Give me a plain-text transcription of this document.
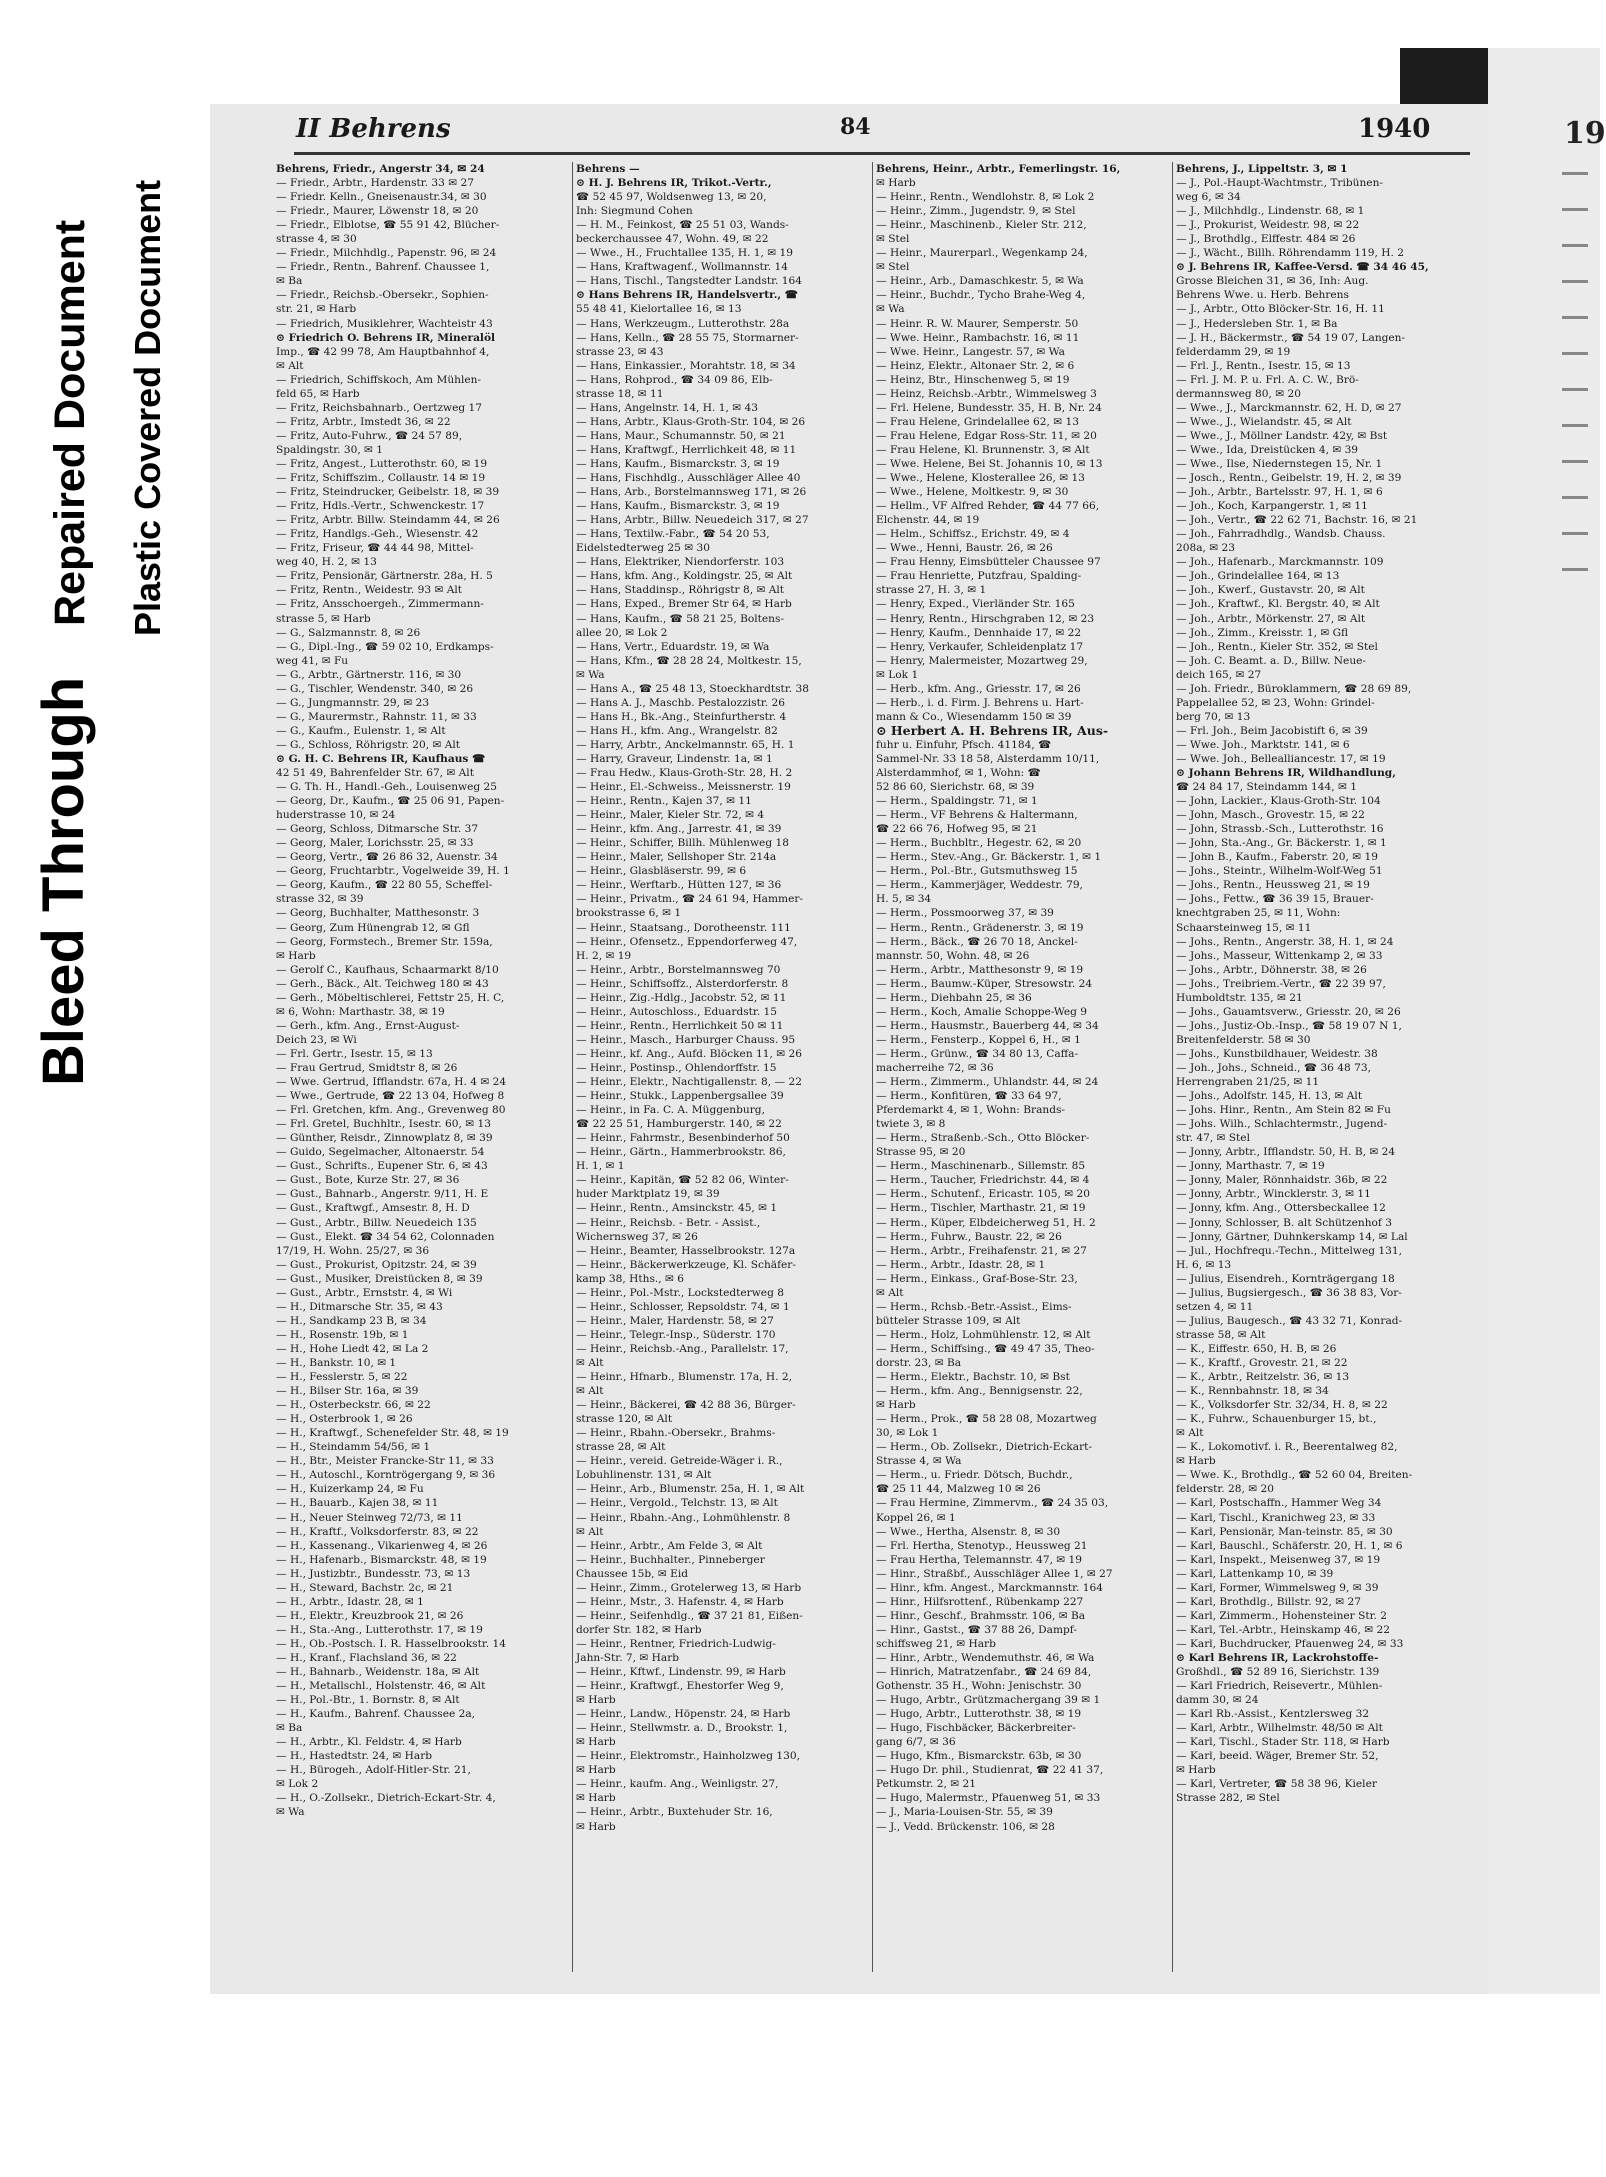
19
Bleed Through
Repaired Document Plastic Covered Document
II Behrens	84	1940
Behrens, Friedr., Angerstr 34, ✉ 24
— Friedr., Arbtr., Hardenstr. 33 ✉ 27
— Friedr. Kelln., Gneisenaustr.34, ✉ 30
— Friedr., Maurer, Löwenstr 18, ✉ 20
— Friedr., Elblotse, ☎ 55 91 42, Blücher-
strasse 4, ✉ 30
— Friedr., Milchhdlg., Papenstr. 96, ✉ 24
— Friedr., Rentn., Bahrenf. Chaussee 1,
✉ Ba
— Friedr., Reichsb.-Obersekr., Sophien-
str. 21, ✉ Harb
— Friedrich, Musiklehrer, Wachteistr 43
⊙ Friedrich O. Behrens IR, Mineralöl
Imp., ☎ 42 99 78, Am Hauptbahnhof 4,
✉ Alt
— Friedrich, Schiffskoch, Am Mühlen-
feld 65, ✉ Harb
— Fritz, Reichsbahnarb., Oertzweg 17
— Fritz, Arbtr., Imstedt 36, ✉ 22
— Fritz, Auto-Fuhrw., ☎ 24 57 89,
Spaldingstr. 30, ✉ 1
— Fritz, Angest., Lutterothstr. 60, ✉ 19
— Fritz, Schiffszim., Collaustr. 14 ✉ 19
— Fritz, Steindrucker, Geibelstr. 18, ✉ 39
— Fritz, Hdls.-Vertr., Schwenckestr. 17
— Fritz, Arbtr. Billw. Steindamm 44, ✉ 26
— Fritz, Handlgs.-Geh., Wiesenstr. 42
— Fritz, Friseur, ☎ 44 44 98, Mittel-
weg 40, H. 2, ✉ 13
— Fritz, Pensionär, Gärtnerstr. 28a, H. 5
— Fritz, Rentn., Weidestr. 93 ✉ Alt
— Fritz, Ansschoergeh., Zimmermann-
strasse 5, ✉ Harb
— G., Salzmannstr. 8, ✉ 26
— G., Dipl.-Ing., ☎ 59 02 10, Erdkamps-
weg 41, ✉ Fu
— G., Arbtr., Gärtnerstr. 116, ✉ 30
— G., Tischler, Wendenstr. 340, ✉ 26
— G., Jungmannstr. 29, ✉ 23
— G., Maurermstr., Rahnstr. 11, ✉ 33
— G., Kaufm., Eulenstr. 1, ✉ Alt
— G., Schloss, Röhrigstr. 20, ✉ Alt
⊙ G. H. C. Behrens IR, Kaufhaus ☎
42 51 49, Bahrenfelder Str. 67, ✉ Alt
— G. Th. H., Handl.-Geh., Louisenweg 25
— Georg, Dr., Kaufm., ☎ 25 06 91, Papen-
huderstrasse 10, ✉ 24
— Georg, Schloss, Ditmarsche Str. 37
— Georg, Maler, Lorichsstr. 25, ✉ 33
— Georg, Vertr., ☎ 26 86 32, Auenstr. 34
— Georg, Fruchtarbtr., Vogelweide 39, H. 1
— Georg, Kaufm., ☎ 22 80 55, Scheffel-
strasse 32, ✉ 39
— Georg, Buchhalter, Matthesonstr. 3
— Georg, Zum Hünengrab 12, ✉ Gfl
— Georg, Formstech., Bremer Str. 159a,
✉ Harb
— Gerolf C., Kaufhaus, Schaarmarkt 8/10
— Gerh., Bäck., Alt. Teichweg 180 ✉ 43
— Gerh., Möbeltischlerei, Fettstr 25, H. C,
✉ 6, Wohn: Marthastr. 38, ✉ 19
— Gerh., kfm. Ang., Ernst-August-
Deich 23, ✉ Wi
— Frl. Gertr., Isestr. 15, ✉ 13
— Frau Gertrud, Smidtstr 8, ✉ 26
— Wwe. Gertrud, Ifflandstr. 67a, H. 4 ✉ 24
— Wwe., Gertrude, ☎ 22 13 04, Hofweg 8
— Frl. Gretchen, kfm. Ang., Grevenweg 80
— Frl. Gretel, Buchhltr., Isestr. 60, ✉ 13
— Günther, Reisdr., Zinnowplatz 8, ✉ 39
— Guido, Segelmacher, Altonaerstr. 54
— Gust., Schrifts., Eupener Str. 6, ✉ 43
— Gust., Bote, Kurze Str. 27, ✉ 36
— Gust., Bahnarb., Angerstr. 9/11, H. E
— Gust., Kraftwgf., Amsestr. 8, H. D
— Gust., Arbtr., Billw. Neuedeich 135
— Gust., Elekt. ☎ 34 54 62, Colonnaden
17/19, H. Wohn. 25/27, ✉ 36
— Gust., Prokurist, Opitzstr. 24, ✉ 39
— Gust., Musiker, Dreistücken 8, ✉ 39
— Gust., Arbtr., Ernststr. 4, ✉ Wi
— H., Ditmarsche Str. 35, ✉ 43
— H., Sandkamp 23 B, ✉ 34
— H., Rosenstr. 19b, ✉ 1
— H., Hohe Liedt 42, ✉ La 2
— H., Bankstr. 10, ✉ 1
— H., Fesslerstr. 5, ✉ 22
— H., Bilser Str. 16a, ✉ 39
— H., Osterbeckstr. 66, ✉ 22
— H., Osterbrook 1, ✉ 26
— H., Kraftwgf., Schenefelder Str. 48, ✉ 19
— H., Steindamm 54/56, ✉ 1
— H., Btr., Meister Francke-Str 11, ✉ 33
— H., Autoschl., Korntrögergang 9, ✉ 36
— H., Kuizerkamp 24, ✉ Fu
— H., Bauarb., Kajen 38, ✉ 11
— H., Neuer Steinweg 72/73, ✉ 11
— H., Kraftf., Volksdorferstr. 83, ✉ 22
— H., Kassenang., Vikarienweg 4, ✉ 26
— H., Hafenarb., Bismarckstr. 48, ✉ 19
— H., Justizbtr., Bundesstr. 73, ✉ 13
— H., Steward, Bachstr. 2c, ✉ 21
— H., Arbtr., Idastr. 28, ✉ 1
— H., Elektr., Kreuzbrook 21, ✉ 26
— H., Sta.-Ang., Lutterothstr. 17, ✉ 19
— H., Ob.-Postsch. I. R. Hasselbrookstr. 14
— H., Kranf., Flachsland 36, ✉ 22
— H., Bahnarb., Weidenstr. 18a, ✉ Alt
— H., Metallschl., Holstenstr. 46, ✉ Alt
— H., Pol.-Btr., 1. Bornstr. 8, ✉ Alt
— H., Kaufm., Bahrenf. Chaussee 2a,
✉ Ba
— H., Arbtr., Kl. Feldstr. 4, ✉ Harb
— H., Hastedtstr. 24, ✉ Harb
— H., Bürogeh., Adolf-Hitler-Str. 21,
✉ Lok 2
— H., O.-Zollsekr., Dietrich-Eckart-Str. 4,
✉ Wa
Behrens —
⊙ H. J. Behrens IR, Trikot.-Vertr.,
☎ 52 45 97, Woldsenweg 13, ✉ 20,
Inh: Siegmund Cohen
— H. M., Feinkost, ☎ 25 51 03, Wands-
beckerchaussee 47, Wohn. 49, ✉ 22
— Wwe., H., Fruchtallee 135, H. 1, ✉ 19
— Hans, Kraftwagenf., Wollmannstr. 14
— Hans, Tischl., Tangstedter Landstr. 164
⊙ Hans Behrens IR, Handelsvertr., ☎
55 48 41, Kielortallee 16, ✉ 13
— Hans, Werkzeugm., Lutterothstr. 28a
— Hans, Kelln., ☎ 28 55 75, Stormarner-
strasse 23, ✉ 43
— Hans, Einkassier., Morahtstr. 18, ✉ 34
— Hans, Rohprod., ☎ 34 09 86, Elb-
strasse 18, ✉ 11
— Hans, Angelnstr. 14, H. 1, ✉ 43
— Hans, Arbtr., Klaus-Groth-Str. 104, ✉ 26
— Hans, Maur., Schumannstr. 50, ✉ 21
— Hans, Kraftwgf., Herrlichkeit 48, ✉ 11
— Hans, Kaufm., Bismarckstr. 3, ✉ 19
— Hans, Fischhdlg., Ausschläger Allee 40
— Hans, Arb., Borstelmannsweg 171, ✉ 26
— Hans, Kaufm., Bismarckstr. 3, ✉ 19
— Hans, Arbtr., Billw. Neuedeich 317, ✉ 27
— Hans, Textilw.-Fabr., ☎ 54 20 53,
Eidelstedterweg 25 ✉ 30
— Hans, Elektriker, Niendorferstr. 103
— Hans, kfm. Ang., Koldingstr. 25, ✉ Alt
— Hans, Staddinsp., Röhrigstr 8, ✉ Alt
— Hans, Exped., Bremer Str 64, ✉ Harb
— Hans, Kaufm., ☎ 58 21 25, Boltens-
allee 20, ✉ Lok 2
— Hans, Vertr., Eduardstr. 19, ✉ Wa
— Hans, Kfm., ☎ 28 28 24, Moltkestr. 15,
✉ Wa
— Hans A., ☎ 25 48 13, Stoeckhardtstr. 38
— Hans A. J., Maschb. Pestalozzistr. 26
— Hans H., Bk.-Ang., Steinfurtherstr. 4
— Hans H., kfm. Ang., Wrangelstr. 82
— Harry, Arbtr., Anckelmannstr. 65, H. 1
— Harry, Graveur, Lindenstr. 1a, ✉ 1
— Frau Hedw., Klaus-Groth-Str. 28, H. 2
— Heinr., El.-Schweiss., Meissnerstr. 19
— Heinr., Rentn., Kajen 37, ✉ 11
— Heinr., Maler, Kieler Str. 72, ✉ 4
— Heinr., kfm. Ang., Jarrestr. 41, ✉ 39
— Heinr., Schiffer, Billh. Mühlenweg 18
— Heinr., Maler, Sellshoper Str. 214a
— Heinr., Glasbläserstr. 99, ✉ 6
— Heinr., Werftarb., Hütten 127, ✉ 36
— Heinr., Privatm., ☎ 24 61 94, Hammer-
brookstrasse 6, ✉ 1
— Heinr., Staatsang., Dorotheenstr. 111
— Heinr., Ofensetz., Eppendorferweg 47,
H. 2, ✉ 19
— Heinr., Arbtr., Borstelmannsweg 70
— Heinr., Schiffsoffz., Alsterdorferstr. 8
— Heinr., Zig.-Hdlg., Jacobstr. 52, ✉ 11
— Heinr., Autoschloss., Eduardstr. 15
— Heinr., Rentn., Herrlichkeit 50 ✉ 11
— Heinr., Masch., Harburger Chauss. 95
— Heinr., kf. Ang., Aufd. Blöcken 11, ✉ 26
— Heinr., Postinsp., Ohlendorffstr. 15
— Heinr., Elektr., Nachtigallenstr. 8, — 22
— Heinr., Stukk., Lappenbergsallee 39
— Heinr., in Fa. C. A. Müggenburg,
☎ 22 25 51, Hamburgerstr. 140, ✉ 22
— Heinr., Fahrmstr., Besenbinderhof 50
— Heinr., Gärtn., Hammerbrookstr. 86,
H. 1, ✉ 1
— Heinr., Kapitän, ☎ 52 82 06, Winter-
huder Marktplatz 19, ✉ 39
— Heinr., Rentn., Amsinckstr. 45, ✉ 1
— Heinr., Reichsb. - Betr. - Assist.,
Wichernsweg 37, ✉ 26
— Heinr., Beamter, Hasselbrookstr. 127a
— Heinr., Bäckerwerkzeuge, Kl. Schäfer-
kamp 38, Hths., ✉ 6
— Heinr., Pol.-Mstr., Lockstedterweg 8
— Heinr., Schlosser, Repsoldstr. 74, ✉ 1
— Heinr., Maler, Hardenstr. 58, ✉ 27
— Heinr., Telegr.-Insp., Süderstr. 170
— Heinr., Reichsb.-Ang., Parallelstr. 17,
✉ Alt
— Heinr., Hfnarb., Blumenstr. 17a, H. 2,
✉ Alt
— Heinr., Bäckerei, ☎ 42 88 36, Bürger-
strasse 120, ✉ Alt
— Heinr., Rbahn.-Obersekr., Brahms-
strasse 28, ✉ Alt
— Heinr., vereid. Getreide-Wäger i. R.,
Lobuhlinenstr. 131, ✉ Alt
— Heinr., Arb., Blumenstr. 25a, H. 1, ✉ Alt
— Heinr., Vergold., Telchstr. 13, ✉ Alt
— Heinr., Rbahn.-Ang., Lohmühlenstr. 8
✉ Alt
— Heinr., Arbtr., Am Felde 3, ✉ Alt
— Heinr., Buchhalter., Pinneberger
Chaussee 15b, ✉ Eid
— Heinr., Zimm., Grotelerweg 13, ✉ Harb
— Heinr., Mstr., 3. Hafenstr. 4, ✉ Harb
— Heinr., Seifenhdlg., ☎ 37 21 81, Eißen-
dorfer Str. 182, ✉ Harb
— Heinr., Rentner, Friedrich-Ludwig-
Jahn-Str. 7, ✉ Harb
— Heinr., Kftwf., Lindenstr. 99, ✉ Harb
— Heinr., Kraftwgf., Ehestorfer Weg 9,
✉ Harb
— Heinr., Landw., Höpenstr. 24, ✉ Harb
— Heinr., Stellwmstr. a. D., Brookstr. 1,
✉ Harb
— Heinr., Elektromstr., Hainholzweg 130,
✉ Harb
— Heinr., kaufm. Ang., Weinligstr. 27,
✉ Harb
— Heinr., Arbtr., Buxtehuder Str. 16,
✉ Harb
Behrens, Heinr., Arbtr., Femerlingstr. 16,
✉ Harb
— Heinr., Rentn., Wendlohstr. 8, ✉ Lok 2
— Heinr., Zimm., Jugendstr. 9, ✉ Stel
— Heinr., Maschinenb., Kieler Str. 212,
✉ Stel
— Heinr., Maurerparl., Wegenkamp 24,
✉ Stel
— Heinr., Arb., Damaschkestr. 5, ✉ Wa
— Heinr., Buchdr., Tycho Brahe-Weg 4,
✉ Wa
— Heinr. R. W. Maurer, Semperstr. 50
— Wwe. Heinr., Rambachstr. 16, ✉ 11
— Wwe. Heinr., Langestr. 57, ✉ Wa
— Heinz, Elektr., Altonaer Str. 2, ✉ 6
— Heinz, Btr., Hinschenweg 5, ✉ 19
— Heinz, Reichsb.-Arbtr., Wimmelsweg 3
— Frl. Helene, Bundesstr. 35, H. B, Nr. 24
— Frau Helene, Grindelallee 62, ✉ 13
— Frau Helene, Edgar Ross-Str. 11, ✉ 20
— Frau Helene, Kl. Brunnenstr. 3, ✉ Alt
— Wwe. Helene, Bei St. Johannis 10, ✉ 13
— Wwe., Helene, Klosterallee 26, ✉ 13
— Wwe., Helene, Moltkestr. 9, ✉ 30
— Hellm., VF Alfred Rehder, ☎ 44 77 66,
Elchenstr. 44, ✉ 19
— Helm., Schiffsz., Erichstr. 49, ✉ 4
— Wwe., Henni, Baustr. 26, ✉ 26
— Frau Henny, Eimsbütteler Chaussee 97
— Frau Henriette, Putzfrau, Spalding-
strasse 27, H. 3, ✉ 1
— Henry, Exped., Vierländer Str. 165
— Henry, Rentn., Hirschgraben 12, ✉ 23
— Henry, Kaufm., Dennhaide 17, ✉ 22
— Henry, Verkaufer, Schleidenplatz 17
— Henry, Malermeister, Mozartweg 29,
✉ Lok 1
— Herb., kfm. Ang., Griesstr. 17, ✉ 26
— Herb., i. d. Firm. J. Behrens u. Hart-
mann & Co., Wiesendamm 150 ✉ 39
⊙ Herbert A. H. Behrens IR, Aus-
fuhr u. Einfuhr, Pfsch. 41184, ☎
Sammel-Nr. 33 18 58, Alsterdamm 10/11,
Alsterdammhof, ✉ 1, Wohn: ☎
52 86 60, Sierichstr. 68, ✉ 39
— Herm., Spaldingstr. 71, ✉ 1
— Herm., VF Behrens & Haltermann,
☎ 22 66 76, Hofweg 95, ✉ 21
— Herm., Buchbltr., Hegestr. 62, ✉ 20
— Herm., Stev.-Ang., Gr. Bäckerstr. 1, ✉ 1
— Herm., Pol.-Btr., Gutsmuthsweg 15
— Herm., Kammerjäger, Weddestr. 79,
H. 5, ✉ 34
— Herm., Possmoorweg 37, ✉ 39
— Herm., Rentn., Grädenerstr. 3, ✉ 19
— Herm., Bäck., ☎ 26 70 18, Anckel-
mannstr. 50, Wohn. 48, ✉ 26
— Herm., Arbtr., Matthesonstr 9, ✉ 19
— Herm., Baumw.-Küper, Stresowstr. 24
— Herm., Diehbahn 25, ✉ 36
— Herm., Koch, Amalie Schoppe-Weg 9
— Herm., Hausmstr., Bauerberg 44, ✉ 34
— Herm., Fensterp., Koppel 6, H., ✉ 1
— Herm., Grünw., ☎ 34 80 13, Caffa-
macherreihe 72, ✉ 36
— Herm., Zimmerm., Uhlandstr. 44, ✉ 24
— Herm., Konfitüren, ☎ 33 64 97,
Pferdemarkt 4, ✉ 1, Wohn: Brands-
twiete 3, ✉ 8
— Herm., Straßenb.-Sch., Otto Blöcker-
Strasse 95, ✉ 20
— Herm., Maschinenarb., Sillemstr. 85
— Herm., Taucher, Friedrichstr. 44, ✉ 4
— Herm., Schutenf., Ericastr. 105, ✉ 20
— Herm., Tischler, Marthastr. 21, ✉ 19
— Herm., Küper, Elbdeicherweg 51, H. 2
— Herm., Fuhrw., Baustr. 22, ✉ 26
— Herm., Arbtr., Freihafenstr. 21, ✉ 27
— Herm., Arbtr., Idastr. 28, ✉ 1
— Herm., Einkass., Graf-Bose-Str. 23,
✉ Alt
— Herm., Rchsb.-Betr.-Assist., Eims-
bütteler Strasse 109, ✉ Alt
— Herm., Holz, Lohmühlenstr. 12, ✉ Alt
— Herm., Schiffsing., ☎ 49 47 35, Theo-
dorstr. 23, ✉ Ba
— Herm., Elektr., Bachstr. 10, ✉ Bst
— Herm., kfm. Ang., Bennigsenstr. 22,
✉ Harb
— Herm., Prok., ☎ 58 28 08, Mozartweg
30, ✉ Lok 1
— Herm., Ob. Zollsekr., Dietrich-Eckart-
Strasse 4, ✉ Wa
— Herm., u. Friedr. Dötsch, Buchdr.,
☎ 25 11 44, Malzweg 10 ✉ 26
— Frau Hermine, Zimmervm., ☎ 24 35 03,
Koppel 26, ✉ 1
— Wwe., Hertha, Alsenstr. 8, ✉ 30
— Frl. Hertha, Stenotyp., Heussweg 21
— Frau Hertha, Telemannstr. 47, ✉ 19
— Hinr., Straßbf., Ausschläger Allee 1, ✉ 27
— Hinr., kfm. Angest., Marckmannstr. 164
— Hinr., Hilfsrottenf., Rübenkamp 227
— Hinr., Geschf., Brahmsstr. 106, ✉ Ba
— Hinr., Gastst., ☎ 37 88 26, Dampf-
schiffsweg 21, ✉ Harb
— Hinr., Arbtr., Wendemuthstr. 46, ✉ Wa
— Hinrich, Matratzenfabr., ☎ 24 69 84,
Gothenstr. 35 H., Wohn: Jenischstr. 30
— Hugo, Arbtr., Grützmachergang 39 ✉ 1
— Hugo, Arbtr., Lutterothstr. 38, ✉ 19
— Hugo, Fischbäcker, Bäckerbreiter-
gang 6/7, ✉ 36
— Hugo, Kfm., Bismarckstr. 63b, ✉ 30
— Hugo Dr. phil., Studienrat, ☎ 22 41 37,
Petkumstr. 2, ✉ 21
— Hugo, Malermstr., Pfauenweg 51, ✉ 33
— J., Maria-Louisen-Str. 55, ✉ 39
— J., Vedd. Brückenstr. 106, ✉ 28
Behrens, J., Lippeltstr. 3, ✉ 1
— J., Pol.-Haupt-Wachtmstr., Tribünen-
weg 6, ✉ 34
— J., Milchhdlg., Lindenstr. 68, ✉ 1
— J., Prokurist, Weidestr. 98, ✉ 22
— J., Brothdlg., Elffestr. 484 ✉ 26
— J., Wächt., Billh. Röhrendamm 119, H. 2
⊙ J. Behrens IR, Kaffee-Versd. ☎ 34 46 45,
Grosse Bleichen 31, ✉ 36, Inh: Aug.
Behrens Wwe. u. Herb. Behrens
— J., Arbtr., Otto Blöcker-Str. 16, H. 11
— J., Hedersleben Str. 1, ✉ Ba
— J. H., Bäckermstr., ☎ 54 19 07, Langen-
felderdamm 29, ✉ 19
— Frl. J., Rentn., Isestr. 15, ✉ 13
— Frl. J. M. P. u. Frl. A. C. W., Brö-
dermannsweg 80, ✉ 20
— Wwe., J., Marckmannstr. 62, H. D, ✉ 27
— Wwe., J., Wielandstr. 45, ✉ Alt
— Wwe., J., Möllner Landstr. 42y, ✉ Bst
— Wwe., Ida, Dreistücken 4, ✉ 39
— Wwe., Ilse, Niedernstegen 15, Nr. 1
— Josch., Rentn., Geibelstr. 19, H. 2, ✉ 39
— Joh., Arbtr., Bartelsstr. 97, H. 1, ✉ 6
— Joh., Koch, Karpangerstr. 1, ✉ 11
— Joh., Vertr., ☎ 22 62 71, Bachstr. 16, ✉ 21
— Joh., Fahrradhdlg., Wandsb. Chauss.
208a, ✉ 23
— Joh., Hafenarb., Marckmannstr. 109
— Joh., Grindelallee 164, ✉ 13
— Joh., Kwerf., Gustavstr. 20, ✉ Alt
— Joh., Kraftwf., Kl. Bergstr. 40, ✉ Alt
— Joh., Arbtr., Mörkenstr. 27, ✉ Alt
— Joh., Zimm., Kreisstr. 1, ✉ Gfl
— Joh., Rentn., Kieler Str. 352, ✉ Stel
— Joh. C. Beamt. a. D., Billw. Neue-
deich 165, ✉ 27
— Joh. Friedr., Büroklammern, ☎ 28 69 89,
Pappelallee 52, ✉ 23, Wohn: Grindel-
berg 70, ✉ 13
— Frl. Joh., Beim Jacobistift 6, ✉ 39
— Wwe. Joh., Marktstr. 141, ✉ 6
— Wwe. Joh., Belleallianсestr. 17, ✉ 19
⊙ Johann Behrens IR, Wildhandlung,
☎ 24 84 17, Steindamm 144, ✉ 1
— John, Lackier., Klaus-Groth-Str. 104
— John, Masch., Grovestr. 15, ✉ 22
— John, Strassb.-Sch., Lutterothstr. 16
— John, Sta.-Ang., Gr. Bäckerstr. 1, ✉ 1
— John B., Kaufm., Faberstr. 20, ✉ 19
— Johs., Steintr., Wilhelm-Wolf-Weg 51
— Johs., Rentn., Heussweg 21, ✉ 19
— Johs., Fettw., ☎ 36 39 15, Brauer-
knechtgraben 25, ✉ 11, Wohn:
Schaarsteinweg 15, ✉ 11
— Johs., Rentn., Angerstr. 38, H. 1, ✉ 24
— Johs., Masseur, Wittenkamp 2, ✉ 33
— Johs., Arbtr., Döhnerstr. 38, ✉ 26
— Johs., Treibriem.-Vertr., ☎ 22 39 97,
Humboldtstr. 135, ✉ 21
— Johs., Gauamtsverw., Griesstr. 20, ✉ 26
— Johs., Justiz-Ob.-Insp., ☎ 58 19 07 N 1,
Breitenfelderstr. 58 ✉ 30
— Johs., Kunstbildhauer, Weidestr. 38
— Joh., Johs., Schneid., ☎ 36 48 73,
Herrengraben 21/25, ✉ 11
— Johs., Adolfstr. 145, H. 13, ✉ Alt
— Johs. Hinr., Rentn., Am Stein 82 ✉ Fu
— Johs. Wilh., Schlachtermstr., Jugend-
str. 47, ✉ Stel
— Jonny, Arbtr., Ifflandstr. 50, H. B, ✉ 24
— Jonny, Marthastr. 7, ✉ 19
— Jonny, Maler, Rönnhaidstr. 36b, ✉ 22
— Jonny, Arbtr., Wincklerstr. 3, ✉ 11
— Jonny, kfm. Ang., Ottersbeckallee 12
— Jonny, Schlosser, B. alt Schützenhof 3
— Jonny, Gärtner, Duhnkerskamp 14, ✉ Lal
— Jul., Hochfrequ.-Techn., Mittelweg 131,
H. 6, ✉ 13
— Julius, Eisendreh., Kornträgergang 18
— Julius, Bugsiergesch., ☎ 36 38 83, Vor-
setzen 4, ✉ 11
— Julius, Baugesch., ☎ 43 32 71, Konrad-
strasse 58, ✉ Alt
— K., Eiffestr. 650, H. B, ✉ 26
— K., Kraftf., Grovestr. 21, ✉ 22
— K., Arbtr., Reitzelstr. 36, ✉ 13
— K., Rennbahnstr. 18, ✉ 34
— K., Volksdorfer Str. 32/34, H. 8, ✉ 22
— K., Fuhrw., Schauenburger 15, bt.,
✉ Alt
— K., Lokomotivf. i. R., Beerentalweg 82,
✉ Harb
— Wwe. K., Brothdlg., ☎ 52 60 04, Breiten-
felderstr. 28, ✉ 20
— Karl, Postschaffn., Hammer Weg 34
— Karl, Tischl., Kranichweg 23, ✉ 33
— Karl, Pensionär, Man-teinstr. 85, ✉ 30
— Karl, Bauschl., Schäferstr. 20, H. 1, ✉ 6
— Karl, Inspekt., Meisenweg 37, ✉ 19
— Karl, Lattenkamp 10, ✉ 39
— Karl, Former, Wimmelsweg 9, ✉ 39
— Karl, Brothdlg., Billstr. 92, ✉ 27
— Karl, Zimmerm., Hohensteiner Str. 2
— Karl, Tel.-Arbtr., Heinskamp 46, ✉ 22
— Karl, Buchdrucker, Pfauenweg 24, ✉ 33
⊙ Karl Behrens IR, Lackrohstoffe-
Großhdl., ☎ 52 89 16, Sierichstr. 139
— Karl Friedrich, Reisevertr., Mühlen-
damm 30, ✉ 24
— Karl Rb.-Assist., Kentzlersweg 32
— Karl, Arbtr., Wilhelmstr. 48/50 ✉ Alt
— Karl, Tischl., Stader Str. 118, ✉ Harb
— Karl, beeid. Wäger, Bremer Str. 52,
✉ Harb
— Karl, Vertreter, ☎ 58 38 96, Kieler
Strasse 282, ✉ Stel
